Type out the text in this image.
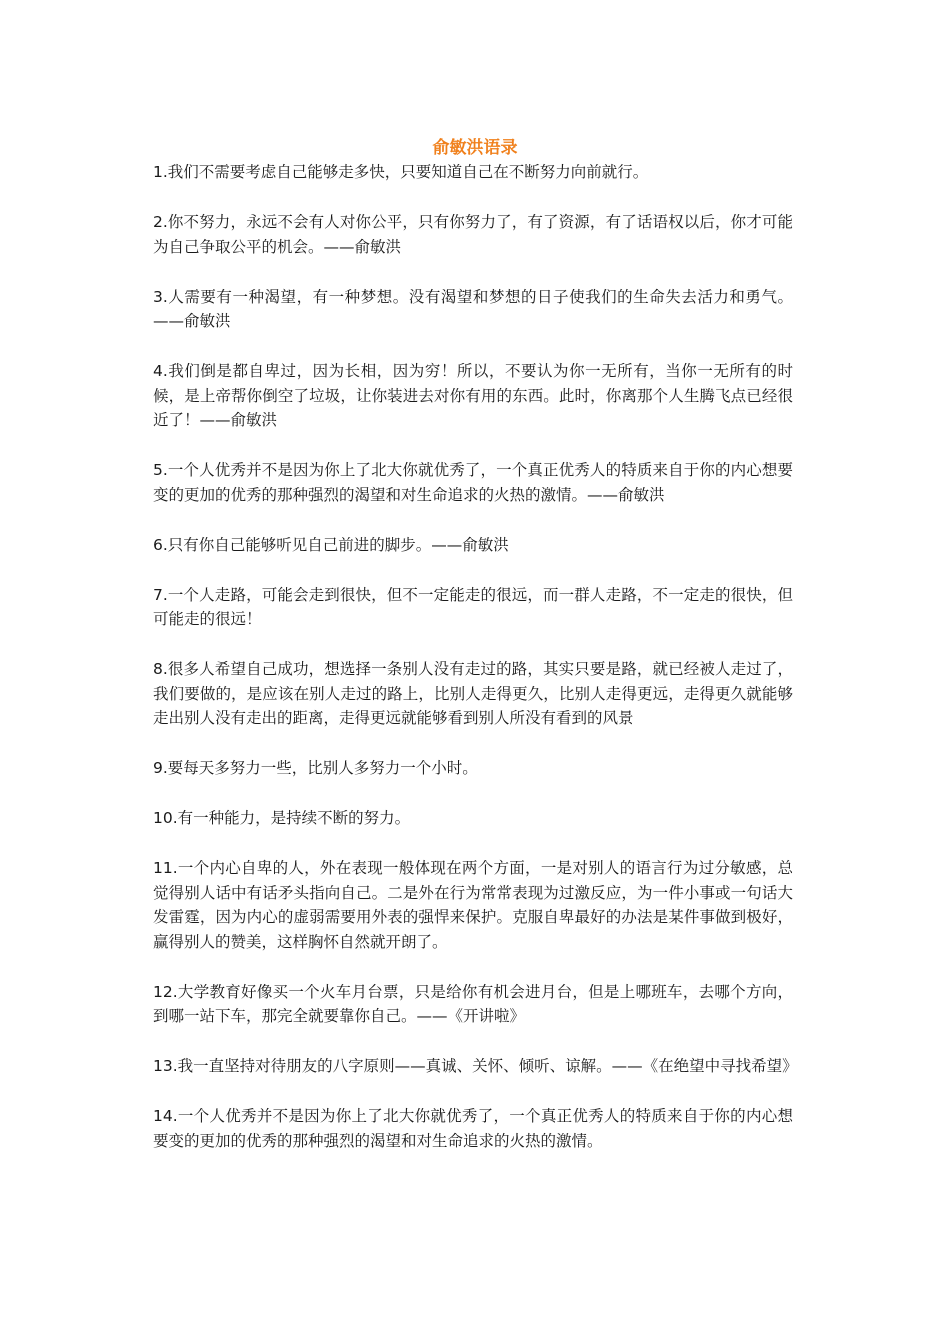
俞敏洪语录
1.我们不需要考虑自己能够走多快，只要知道自己在不断努力向前就行。
2.你不努力，永远不会有人对你公平，只有你努力了，有了资源，有了话语权以后，你才可能为自己争取公平的机会。——俞敏洪
3.人需要有一种渴望，有一种梦想。没有渴望和梦想的日子使我们的生命失去活力和勇气。——俞敏洪
4.我们倒是都自卑过，因为长相，因为穷！所以，不要认为你一无所有，当你一无所有的时候，是上帝帮你倒空了垃圾，让你装进去对你有用的东西。此时，你离那个人生腾飞点已经很近了！——俞敏洪
5.一个人优秀并不是因为你上了北大你就优秀了，一个真正优秀人的特质来自于你的内心想要变的更加的优秀的那种强烈的渴望和对生命追求的火热的激情。——俞敏洪
6.只有你自己能够听见自己前进的脚步。——俞敏洪
7.一个人走路，可能会走到很快，但不一定能走的很远，而一群人走路，不一定走的很快，但可能走的很远！
8.很多人希望自己成功，想选择一条别人没有走过的路，其实只要是路，就已经被人走过了，我们要做的，是应该在别人走过的路上，比别人走得更久，比别人走得更远，走得更久就能够走出别人没有走出的距离，走得更远就能够看到别人所没有看到的风景
9.要每天多努力一些，比别人多努力一个小时。
10.有一种能力，是持续不断的努力。
11.一个内心自卑的人，外在表现一般体现在两个方面，一是对别人的语言行为过分敏感，总觉得别人话中有话矛头指向自己。二是外在行为常常表现为过激反应，为一件小事或一句话大发雷霆，因为内心的虚弱需要用外表的强悍来保护。克服自卑最好的办法是某件事做到极好，赢得别人的赞美，这样胸怀自然就开朗了。
12.大学教育好像买一个火车月台票，只是给你有机会进月台，但是上哪班车，去哪个方向，到哪一站下车，那完全就要靠你自己。——《开讲啦》
13.我一直坚持对待朋友的八字原则——真诚、关怀、倾听、谅解。——《在绝望中寻找希望》
14.一个人优秀并不是因为你上了北大你就优秀了，一个真正优秀人的特质来自于你的内心想要变的更加的优秀的那种强烈的渴望和对生命追求的火热的激情。
